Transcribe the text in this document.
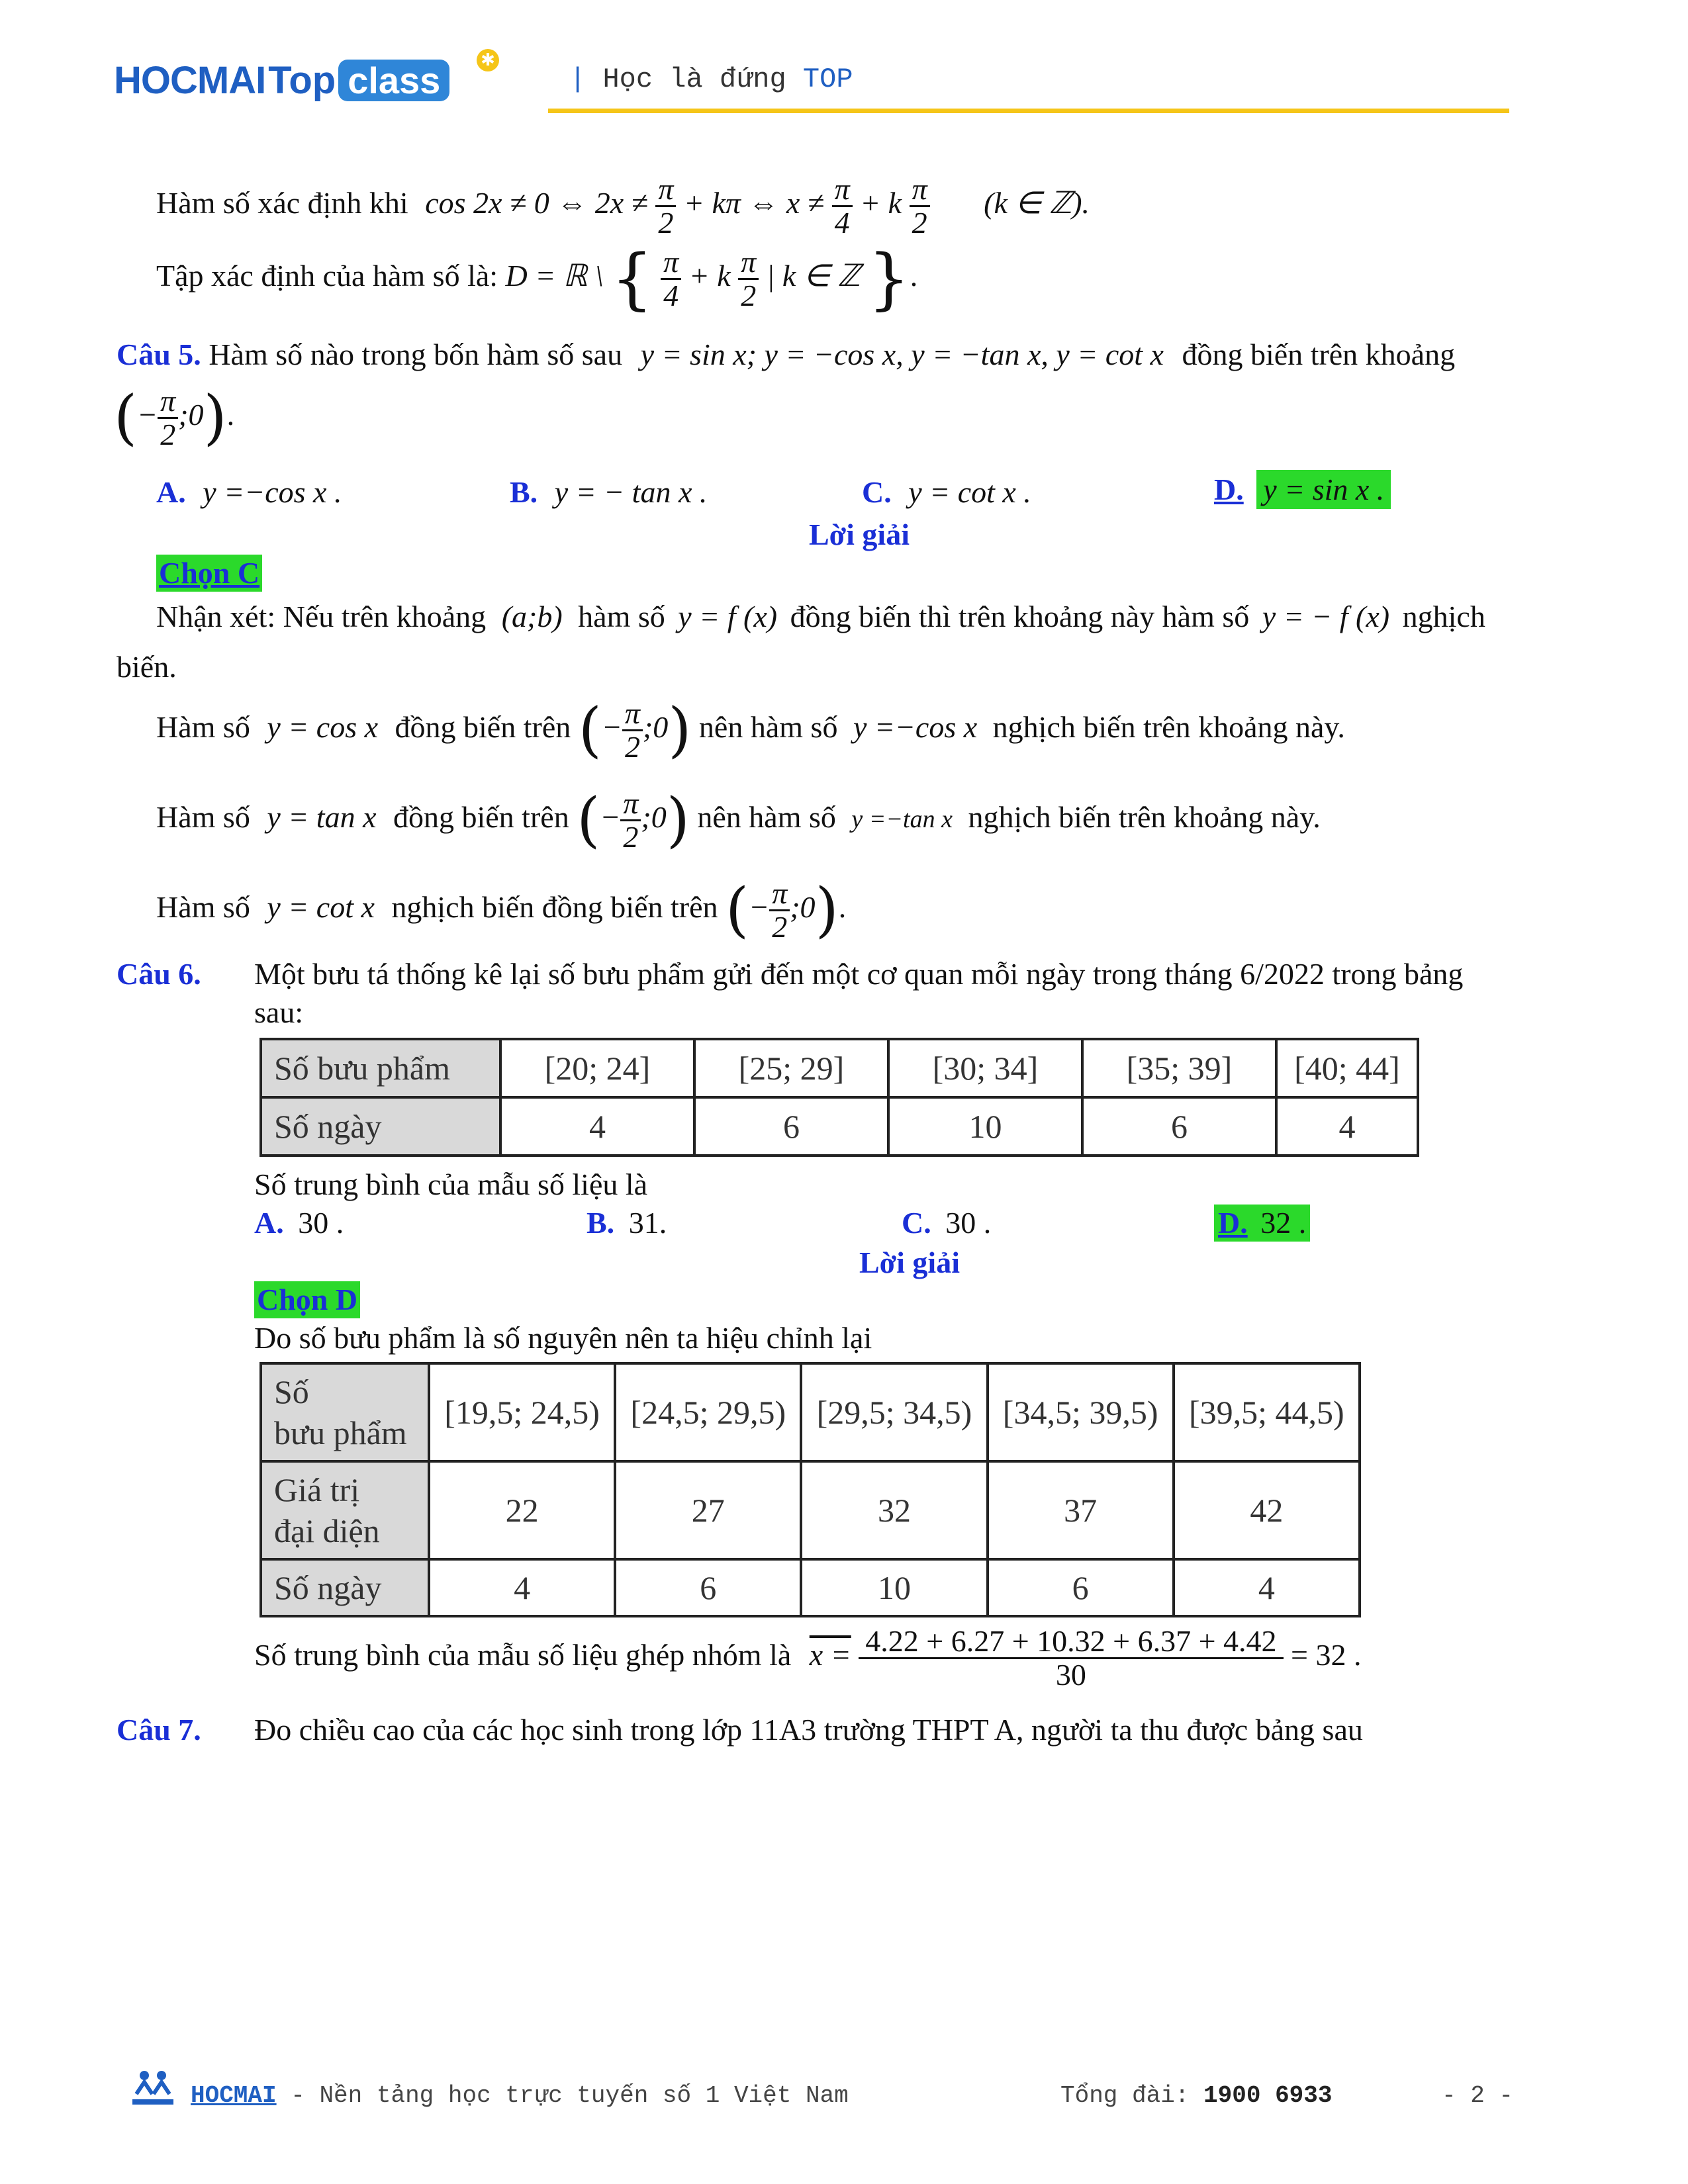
HOCMAI Top class ✱
| Học là đứng TOP
Hàm số xác định khi cos 2x ≠ 0 ⇔ $2x \ne \frac{\pi}{2} + k\pi$ ⇔ $x \ne \frac{\pi}{4} + k \frac{\pi}{2} (k$ ∈ ℤ).
Tập xác định của hàm số là: D = ℝ \ { $\frac{\pi}{4} + k \frac{\pi}{2}$ | k ∈ ℤ }.
Câu 5. Hàm số nào trong bốn hàm số sau y = sin x; y = −cos x, y = −tan x, y = cot x đồng biến trên khoảng
(− $\frac{\pi}{2}$ ;0).
A. y =−cos x .	B. y = − tan x .	C. y = cot x .	D. y = sin x .
Lời giải
Chọn C
Nhận xét: Nếu trên khoảng (a;b) hàm số y = f (x) đồng biến thì trên khoảng này hàm số y = − f (x) nghịch
biến.
Hàm số y = cos x đồng biến trên (− $\frac{\pi}{2}$ ;0) nên hàm số y =−cos x nghịch biến trên khoảng này.
Hàm số y = tan x đồng biến trên (− $\frac{\pi}{2}$ ;0) nên hàm số y =−tan x nghịch biến trên khoảng này.
Hàm số y = cot x nghịch biến đồng biến trên (− $\frac{\pi}{2}$ ;0).
Câu 6. Một bưu tá thống kê lại số bưu phẩm gửi đến một cơ quan mỗi ngày trong tháng 6/2022 trong bảng
sau:
Số bưu phẩm	[20; 24]	[25; 29]	[30; 34]	[35; 39]	[40; 44]
Số ngày	4	6	10	6	4
Số trung bình của mẫu số liệu là
A. 30 .	B. 31.	C. 30 .	D. 32 .
Lời giải
Chọn D
Do số bưu phẩm là số nguyên nên ta hiệu chỉnh lại
Số
bưu phẩm	[19,5; 24,5)	[24,5; 29,5)	[29,5; 34,5)	[34,5; 39,5)	[39,5; 44,5)
Giá trị
đại diện	22	27	32	37	42
Số ngày	4	6	10	6	4
Số trung bình của mẫu số liệu ghép nhóm là $x = \frac{4.22 + 6.27 + 10.32 + 6.37 + 4.42}{30} = 32$ .
Câu 7. Đo chiều cao của các học sinh trong lớp 11A3 trường THPT A, người ta thu được bảng sau
HOCMAI - Nền tảng học trực tuyến số 1 Việt Nam	Tổng đài: 1900 6933	- 2 -
